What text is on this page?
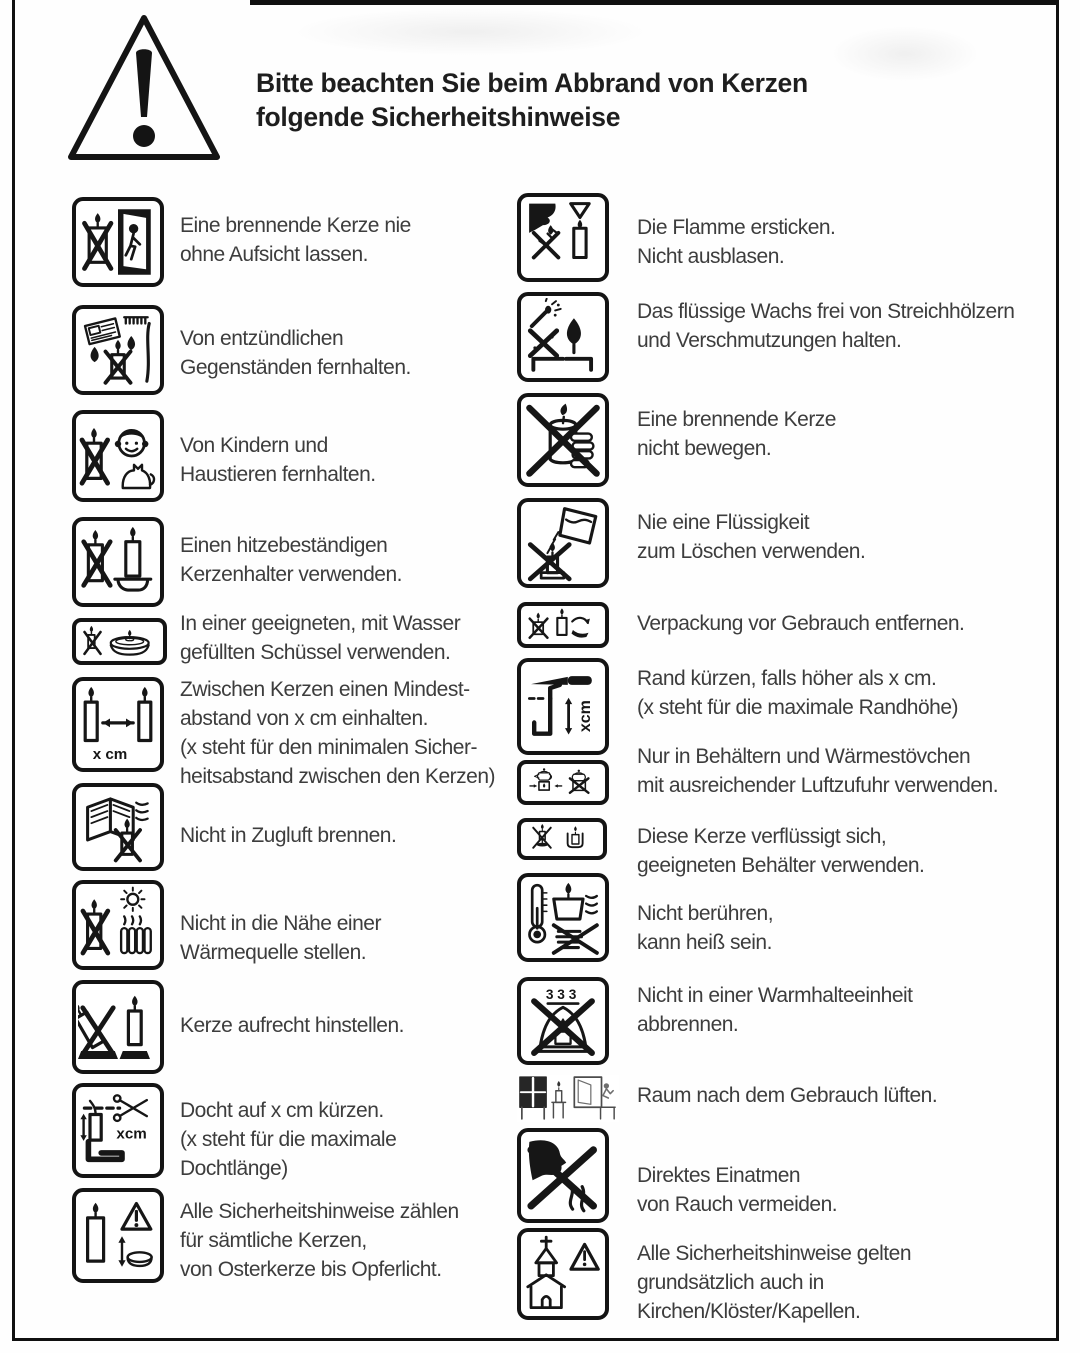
Bitte beachten Sie beim Abbrand von Kerzen
folgende Sicherheitshinweise
Eine brennende Kerze nie
ohne Aufsicht lassen.
Von entzündlichen
Gegenständen fernhalten.
Von Kindern und
Haustieren fernhalten.
Einen hitzebeständigen
Kerzenhalter verwenden.
In einer geeigneten, mit Wasser
gefüllten Schüssel verwenden.
x cm
Zwischen Kerzen einen Mindest-
abstand von x cm einhalten.
(x steht für den minimalen Sicher-
heitsabstand zwischen den Kerzen)
Nicht in Zugluft brennen.
Nicht in die Nähe einer
Wärmequelle stellen.
Kerze aufrecht hinstellen.
xcm
Docht auf x cm kürzen.
(x steht für die maximale
Dochtlänge)
Alle Sicherheitshinweise zählen
für sämtliche Kerzen,
von Osterkerze bis Opferlicht.
Die Flamme ersticken.
Nicht ausblasen.
Das flüssige Wachs frei von Streichhölzern
und Verschmutzungen halten.
Eine brennende Kerze
nicht bewegen.
Nie eine Flüssigkeit
zum Löschen verwenden.
Verpackung vor Gebrauch entfernen.
xcm
Rand kürzen, falls höher als x cm.
(x steht für die maximale Randhöhe)
Nur in Behältern und Wärmestövchen
mit ausreichender Luftzufuhr verwenden.
Diese Kerze verflüssigt sich,
geeigneten Behälter verwenden.
Nicht berühren,
kann heiß sein.
333	Nicht in einer Warmhalteeinheit
abbrennen.
Raum nach dem Gebrauch lüften.
Direktes Einatmen
von Rauch vermeiden.
Alle Sicherheitshinweise gelten
grundsätzlich auch in
Kirchen/Klöster/Kapellen.
